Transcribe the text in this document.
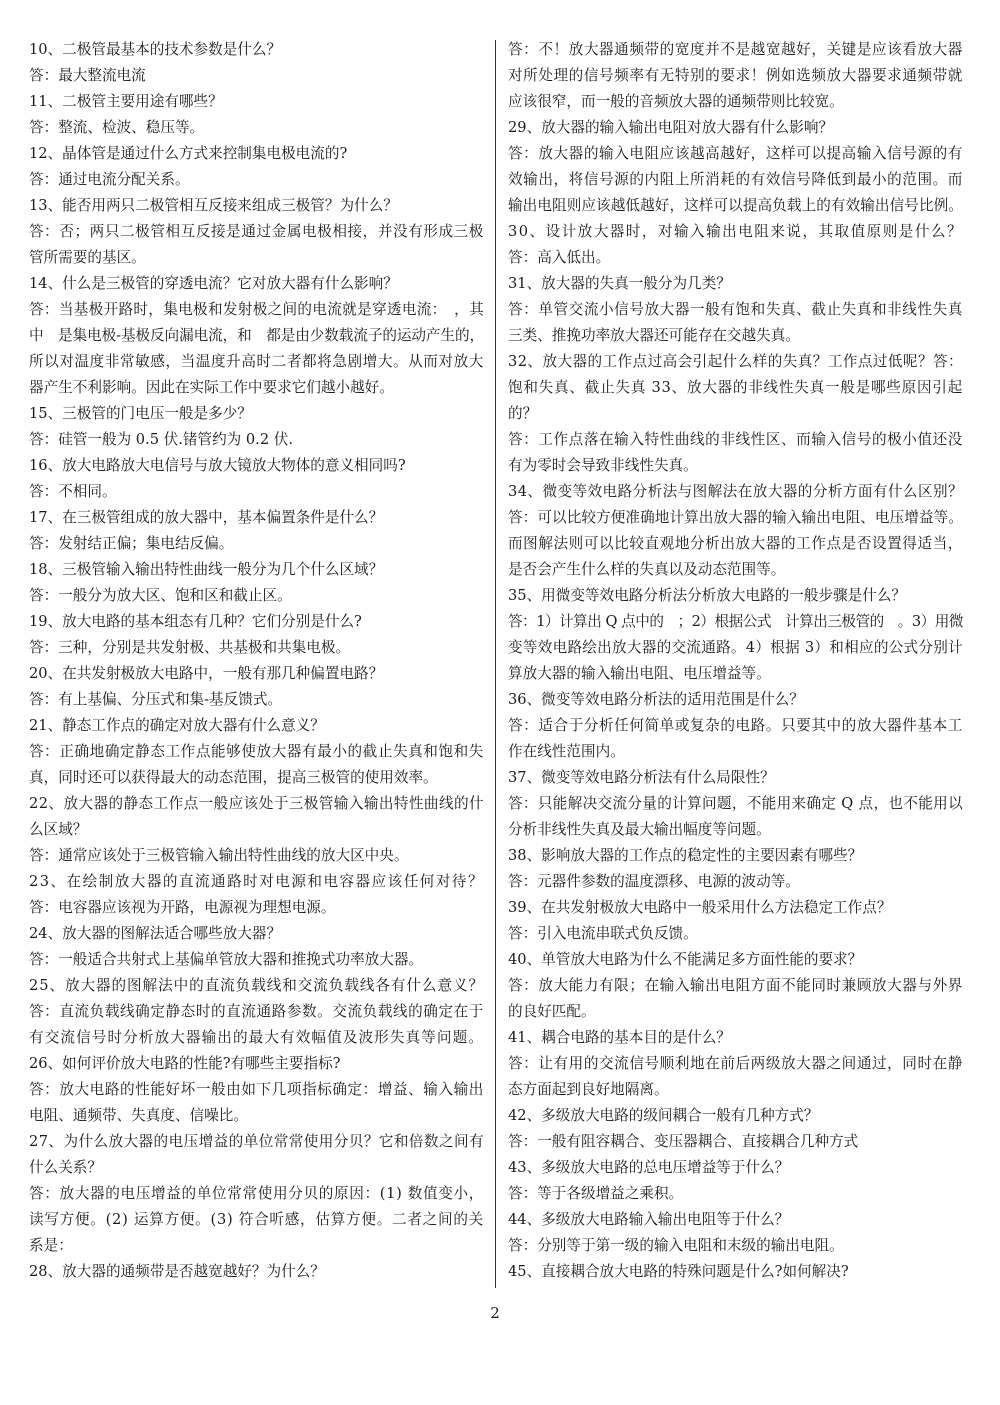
10、二极管最基本的技术参数是什么？
答：最大整流电流
11、二极管主要用途有哪些？
答：整流、检波、稳压等。
12、晶体管是通过什么方式来控制集电极电流的?
答：通过电流分配关系。
13、能否用两只二极管相互反接来组成三极管？为什么？
答：否；两只二极管相互反接是通过金属电极相接，并没有形成三极
管所需要的基区。
14、什么是三极管的穿透电流？它对放大器有什么影响？
答：当基极开路时，集电极和发射极之间的电流就是穿透电流：　，其
中　是集电极-基极反向漏电流，和　都是由少数载流子的运动产生的，
所以对温度非常敏感，当温度升高时二者都将急剧增大。从而对放大
器产生不利影响。因此在实际工作中要求它们越小越好。
15、三极管的门电压一般是多少？
答：硅管一般为 0.5 伏.锗管约为 0.2 伏.
16、放大电路放大电信号与放大镜放大物体的意义相同吗?
答：不相同。
17、在三极管组成的放大器中，基本偏置条件是什么？
答：发射结正偏；集电结反偏。
18、三极管输入输出特性曲线一般分为几个什么区域？
答：一般分为放大区、饱和区和截止区。
19、放大电路的基本组态有几种？它们分别是什么?
答：三种，分别是共发射极、共基极和共集电极。
20、在共发射极放大电路中，一般有那几种偏置电路？
答：有上基偏、分压式和集-基反馈式。
21、静态工作点的确定对放大器有什么意义？
答：正确地确定静态工作点能够使放大器有最小的截止失真和饱和失
真，同时还可以获得最大的动态范围，提高三极管的使用效率。
22、放大器的静态工作点一般应该处于三极管输入输出特性曲线的什
么区域？
答：通常应该处于三极管输入输出特性曲线的放大区中央。
23、在绘制放大器的直流通路时对电源和电容器应该任何对待？
答：电容器应该视为开路，电源视为理想电源。
24、放大器的图解法适合哪些放大器？
答：一般适合共射式上基偏单管放大器和推挽式功率放大器。
25、放大器的图解法中的直流负载线和交流负载线各有什么意义？
答：直流负载线确定静态时的直流通路参数。交流负载线的确定在于
有交流信号时分析放大器输出的最大有效幅值及波形失真等问题。
26、如何评价放大电路的性能?有哪些主要指标?
答：放大电路的性能好坏一般由如下几项指标确定：增益、输入输出
电阻、通频带、失真度、信噪比。
27、为什么放大器的电压增益的单位常常使用分贝？它和倍数之间有
什么关系？
答：放大器的电压增益的单位常常使用分贝的原因：(1) 数值变小，
读写方便。(2) 运算方便。(3) 符合听感，估算方便。二者之间的关
系是：
28、放大器的通频带是否越宽越好？为什么？
答：不！放大器通频带的宽度并不是越宽越好，关键是应该看放大器
对所处理的信号频率有无特别的要求！例如选频放大器要求通频带就
应该很窄，而一般的音频放大器的通频带则比较宽。
29、放大器的输入输出电阻对放大器有什么影响？
答：放大器的输入电阻应该越高越好，这样可以提高输入信号源的有
效输出，将信号源的内阻上所消耗的有效信号降低到最小的范围。而
输出电阻则应该越低越好，这样可以提高负载上的有效输出信号比例。
30、设计放大器时，对输入输出电阻来说，其取值原则是什么？
答：高入低出。
31、放大器的失真一般分为几类？
答：单管交流小信号放大器一般有饱和失真、截止失真和非线性失真
三类、推挽功率放大器还可能存在交越失真。
32、放大器的工作点过高会引起什么样的失真？工作点过低呢？答：
饱和失真、截止失真 33、放大器的非线性失真一般是哪些原因引起
的？
答：工作点落在输入特性曲线的非线性区、而输入信号的极小值还没
有为零时会导致非线性失真。
34、微变等效电路分析法与图解法在放大器的分析方面有什么区别？
答：可以比较方便准确地计算出放大器的输入输出电阻、电压增益等。
而图解法则可以比较直观地分析出放大器的工作点是否设置得适当，
是否会产生什么样的失真以及动态范围等。
35、用微变等效电路分析法分析放大电路的一般步骤是什么？
答：1）计算出 Q 点中的　；2）根据公式　计算出三极管的　。3）用微
变等效电路绘出放大器的交流通路。4）根据 3）和相应的公式分别计
算放大器的输入输出电阻、电压增益等。
36、微变等效电路分析法的适用范围是什么？
答：适合于分析任何简单或复杂的电路。只要其中的放大器件基本工
作在线性范围内。
37、微变等效电路分析法有什么局限性？
答：只能解决交流分量的计算问题，不能用来确定 Q 点，也不能用以
分析非线性失真及最大输出幅度等问题。
38、影响放大器的工作点的稳定性的主要因素有哪些？
答：元器件参数的温度漂移、电源的波动等。
39、在共发射极放大电路中一般采用什么方法稳定工作点？
答：引入电流串联式负反馈。
40、单管放大电路为什么不能满足多方面性能的要求？
答：放大能力有限；在输入输出电阻方面不能同时兼顾放大器与外界
的良好匹配。
41、耦合电路的基本目的是什么？
答：让有用的交流信号顺利地在前后两级放大器之间通过，同时在静
态方面起到良好地隔离。
42、多级放大电路的级间耦合一般有几种方式？
答：一般有阻容耦合、变压器耦合、直接耦合几种方式
43、多级放大电路的总电压增益等于什么？
答：等于各级增益之乘积。
44、多级放大电路输入输出电阻等于什么？
答：分别等于第一级的输入电阻和末级的输出电阻。
45、直接耦合放大电路的特殊问题是什么?如何解决?
2
